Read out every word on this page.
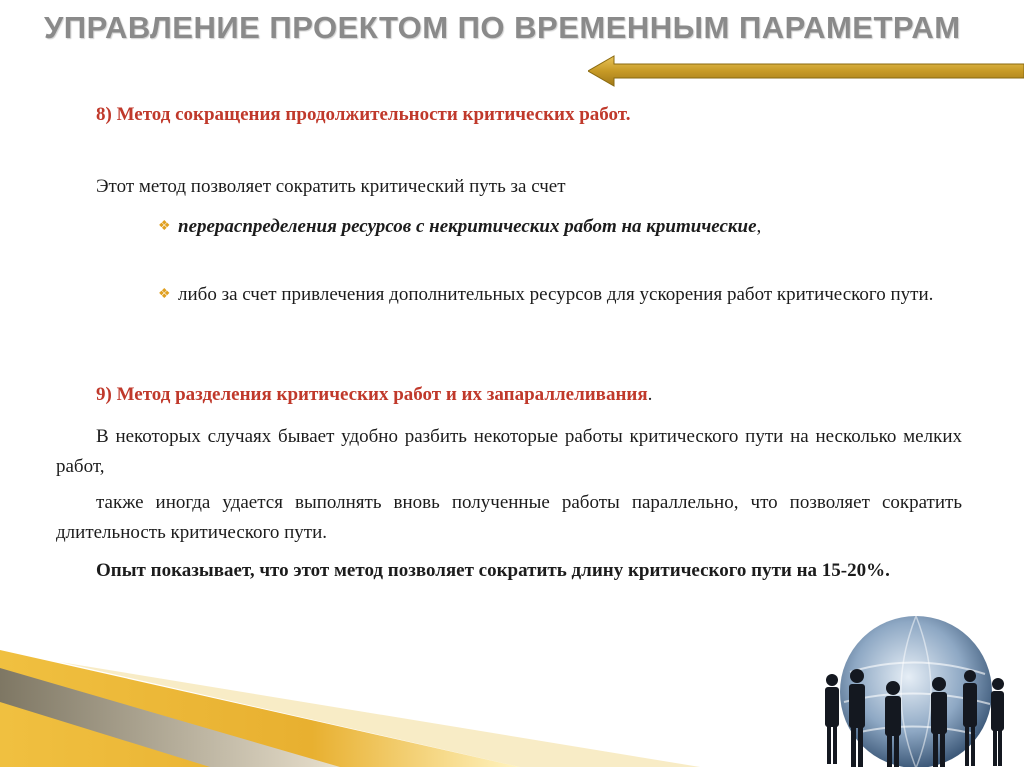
УПРАВЛЕНИЕ ПРОЕКТОМ ПО ВРЕМЕННЫМ ПАРАМЕТРАМ
8) Метод сокращения продолжительности критических работ.
Этот метод позволяет сократить критический путь за счет
❖ перераспределения ресурсов с некритических работ на критические,
❖ либо за счет привлечения дополнительных ресурсов для ускорения работ критического пути.
9) Метод разделения критических работ и их запараллеливания.
В некоторых случаях бывает удобно разбить некоторые работы критического пути на несколько мелких работ,
также иногда удается выполнять вновь полученные работы параллельно, что позволяет сократить длительность критического пути.
Опыт показывает, что этот метод позволяет сократить длину критического пути на 15-20%.
